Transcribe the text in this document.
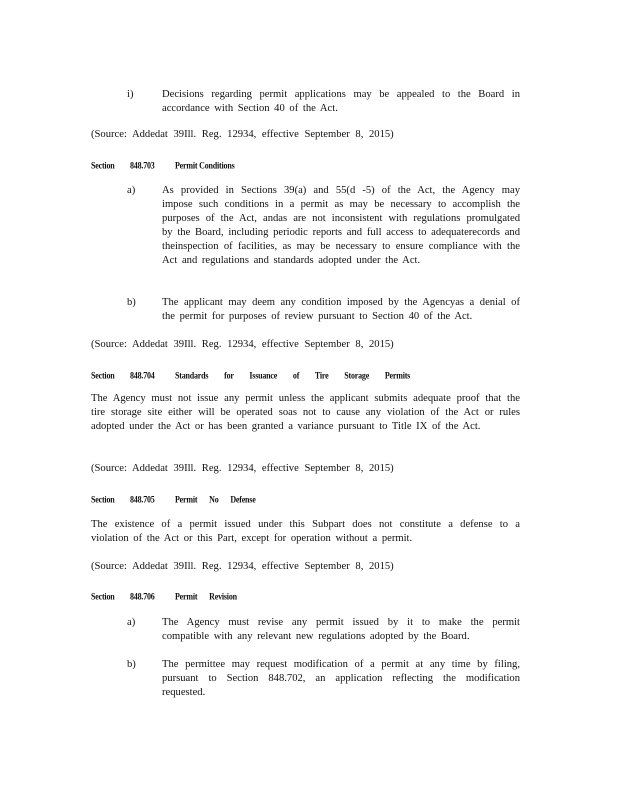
i)	Decisions regarding permit applications may be appealed to the Board in accordance with Section 40 of the Act.
(Source: Addedat 39Ill. Reg. 12934, effective September 8, 2015)
Section 848.703	Permit Conditions
a)	As provided in Sections 39(a) and 55(d -5) of the Act, the Agency may impose such conditions in a permit as may be necessary to accomplish the purposes of the Act, andas are not inconsistent with regulations promulgated by the Board, including periodic reports and full access to adequaterecords and theinspection of facilities, as may be necessary to ensure compliance with the Act and regulations and standards adopted under the Act.
b)	The applicant may deem any condition imposed by the Agencyas a denial of the permit for purposes of review pursuant to Section 40 of the Act.
(Source: Addedat 39Ill. Reg. 12934, effective September 8, 2015)
Section 848.704	Standards for Issuance of Tire Storage Permits
The Agency must not issue any permit unless the applicant submits adequate proof that the tire storage site either will be operated soas not to cause any violation of the Act or rules adopted under the Act or has been granted a variance pursuant to Title IX of the Act.
(Source: Addedat 39Ill. Reg. 12934, effective September 8, 2015)
Section 848.705	Permit No Defense
The existence of a permit issued under this Subpart does not constitute a defense to a violation of the Act or this Part, except for operation without a permit.
(Source: Addedat 39Ill. Reg. 12934, effective September 8, 2015)
Section 848.706	Permit Revision
a)	The Agency must revise any permit issued by it to make the permit compatible with any relevant new regulations adopted by the Board.
b)	The permittee may request modification of a permit at any time by filing, pursuant to Section 848.702, an application reflecting the modification requested.
